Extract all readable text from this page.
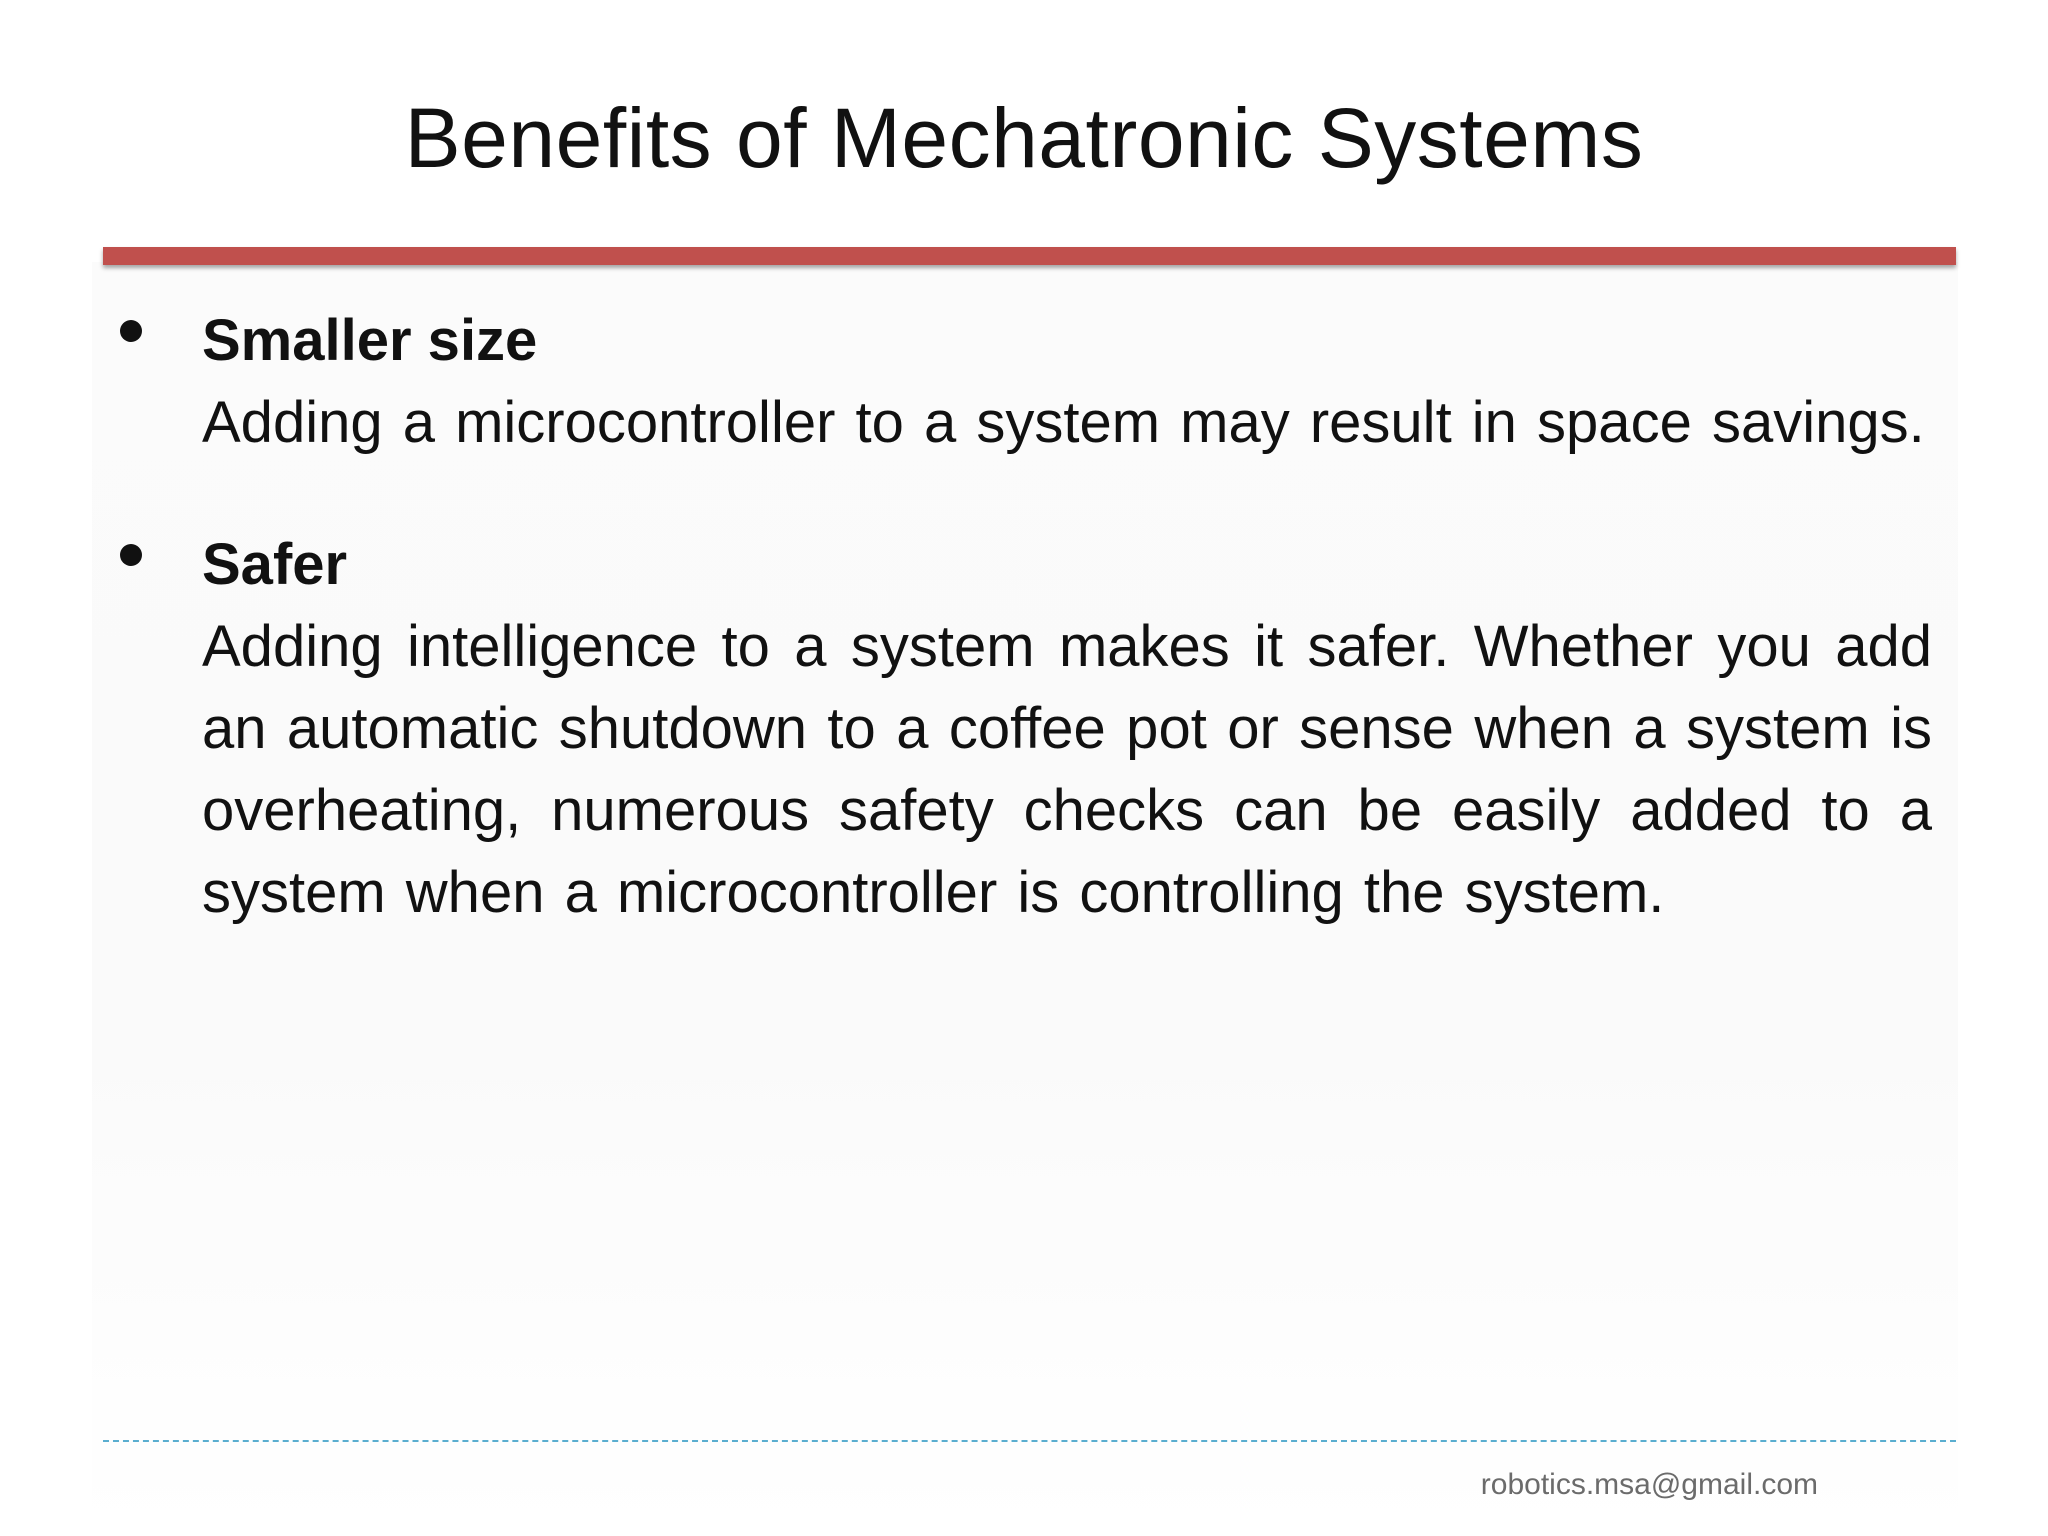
Benefits of Mechatronic Systems

Smaller size

Adding a microcontroller to a system may result in space savings.

Safer

Adding intelligence to a system makes it safer. Whether you add an automatic shutdown to a coffee pot or sense when a system is overheating, numerous safety checks can be easily added to a system when a microcontroller is controlling the system.

robotics.msa@gmail.com
